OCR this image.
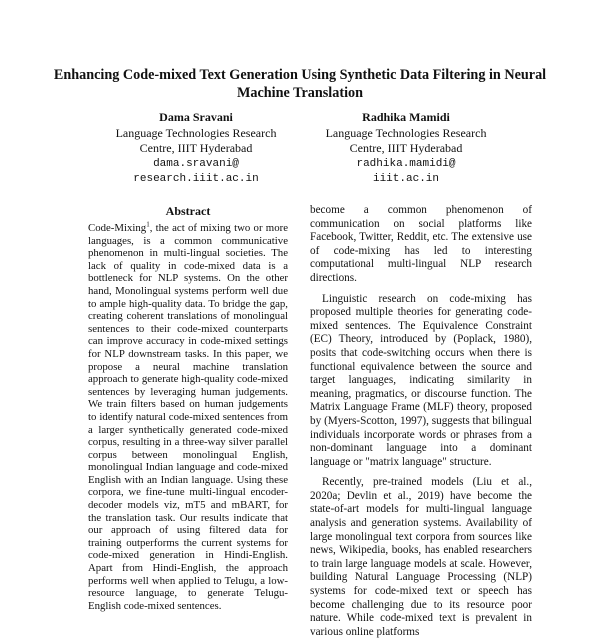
Enhancing Code-mixed Text Generation Using Synthetic Data Filtering in Neural Machine Translation
Dama Sravani
Language Technologies Research
Centre, IIIT Hyderabad
dama.sravani@
research.iiit.ac.in
Radhika Mamidi
Language Technologies Research
Centre, IIIT Hyderabad
radhika.mamidi@
iiit.ac.in
Abstract

Code-Mixing$^1$, the act of mixing two or more languages, is a common communicative phenomenon in multi-lingual societies. The lack of quality in code-mixed data is a bottleneck for NLP systems. On the other hand, Monolingual systems perform well due to ample high-quality data. To bridge the gap, creating coherent translations of monolingual sentences to their code-mixed counterparts can improve accuracy in code-mixed settings for NLP downstream tasks. In this paper, we propose a neural machine translation approach to generate high-quality code-mixed sentences by leveraging human judgements. We train filters based on human judgements to identify natural code-mixed sentences from a larger synthetically generated code-mixed corpus, resulting in a three-way silver parallel corpus between monolingual English, monolingual Indian language and code-mixed English with an Indian language. Using these corpora, we fine-tune multi-lingual encoder-decoder models viz, mT5 and mBART, for the translation task. Our results indicate that our approach of using filtered data for training outperforms the current systems for code-mixed generation in Hindi-English. Apart from Hindi-English, the approach performs well when applied to Telugu, a low-resource language, to generate Telugu-English code-mixed sentences.

become a common phenomenon of communication on social platforms like Facebook, Twitter, Reddit, etc. The extensive use of code-mixing has led to interesting computational multi-lingual NLP research directions.

Linguistic research on code-mixing has proposed multiple theories for generating code-mixed sentences. The Equivalence Constraint (EC) Theory, introduced by (Poplack, 1980), posits that code-switching occurs when there is functional equivalence between the source and target languages, indicating similarity in meaning, pragmatics, or discourse function. The Matrix Language Frame (MLF) theory, proposed by (Myers-Scotton, 1997), suggests that bilingual individuals incorporate words or phrases from a non-dominant language into a dominant language or "matrix language" structure.

Recently, pre-trained models (Liu et al., 2020a; Devlin et al., 2019) have become the state-of-art models for multi-lingual language analysis and generation systems. Availability of large monolingual text corpora from sources like news, Wikipedia, books, has enabled researchers to train large language models at scale. However, building Natural Language Processing (NLP) systems for code-mixed text or speech has become challenging due to its resource poor nature. While code-mixed text is prevalent in various online platforms
